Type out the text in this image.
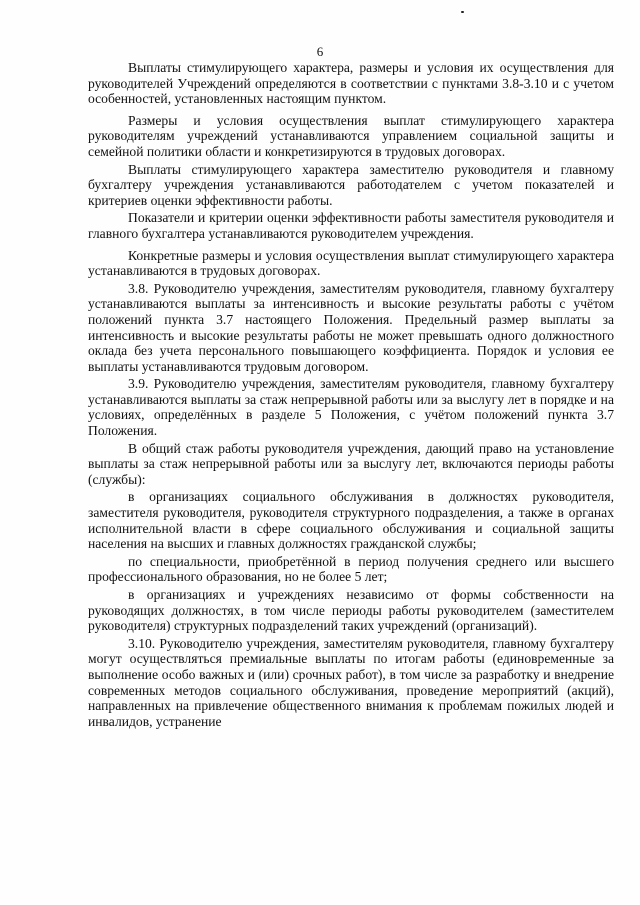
6

Выплаты стимулирующего характера, размеры и условия их осуществления для руководителей Учреждений определяются в соответствии с пунктами 3.8-3.10 и с учетом особенностей, установленных настоящим пунктом.

Размеры и условия осуществления выплат стимулирующего характера руководителям учреждений устанавливаются управлением социальной защиты и семейной политики области и конкретизируются в трудовых договорах.

Выплаты стимулирующего характера заместителю руководителя и главному бухгалтеру учреждения устанавливаются работодателем с учетом показателей и критериев оценки эффективности работы.

Показатели и критерии оценки эффективности работы заместителя руководителя и главного бухгалтера устанавливаются руководителем учреждения.

Конкретные размеры и условия осуществления выплат стимулирующего характера устанавливаются в трудовых договорах.

3.8. Руководителю учреждения, заместителям руководителя, главному бухгалтеру устанавливаются выплаты за интенсивность и высокие результаты работы с учётом положений пункта 3.7 настоящего Положения. Предельный размер выплаты за интенсивность и высокие результаты работы не может превышать одного должностного оклада без учета персонального повышающего коэффициента. Порядок и условия ее выплаты устанавливаются трудовым договором.

3.9. Руководителю учреждения, заместителям руководителя, главному бухгалтеру устанавливаются выплаты за стаж непрерывной работы или за выслугу лет в порядке и на условиях, определённых в разделе 5 Положения, с учётом положений пункта 3.7 Положения.

В общий стаж работы руководителя учреждения, дающий право на установление выплаты за стаж непрерывной работы или за выслугу лет, включаются периоды работы (службы):

в организациях социального обслуживания в должностях руководителя, заместителя руководителя, руководителя структурного подразделения, а также в органах исполнительной власти в сфере социального обслуживания и социальной защиты населения на высших и главных должностях гражданской службы;

по специальности, приобретённой в период получения среднего или высшего профессионального образования, но не более 5 лет;

в организациях и учреждениях независимо от формы собственности на руководящих должностях, в том числе периоды работы руководителем (заместителем руководителя) структурных подразделений таких учреждений (организаций).

3.10. Руководителю учреждения, заместителям руководителя, главному бухгалтеру могут осуществляться премиальные выплаты по итогам работы (единовременные за выполнение особо важных и (или) срочных работ), в том числе за разработку и внедрение современных методов социального обслуживания, проведение мероприятий (акций), направленных на привлечение общественного внимания к проблемам пожилых людей и инвалидов, устранение
